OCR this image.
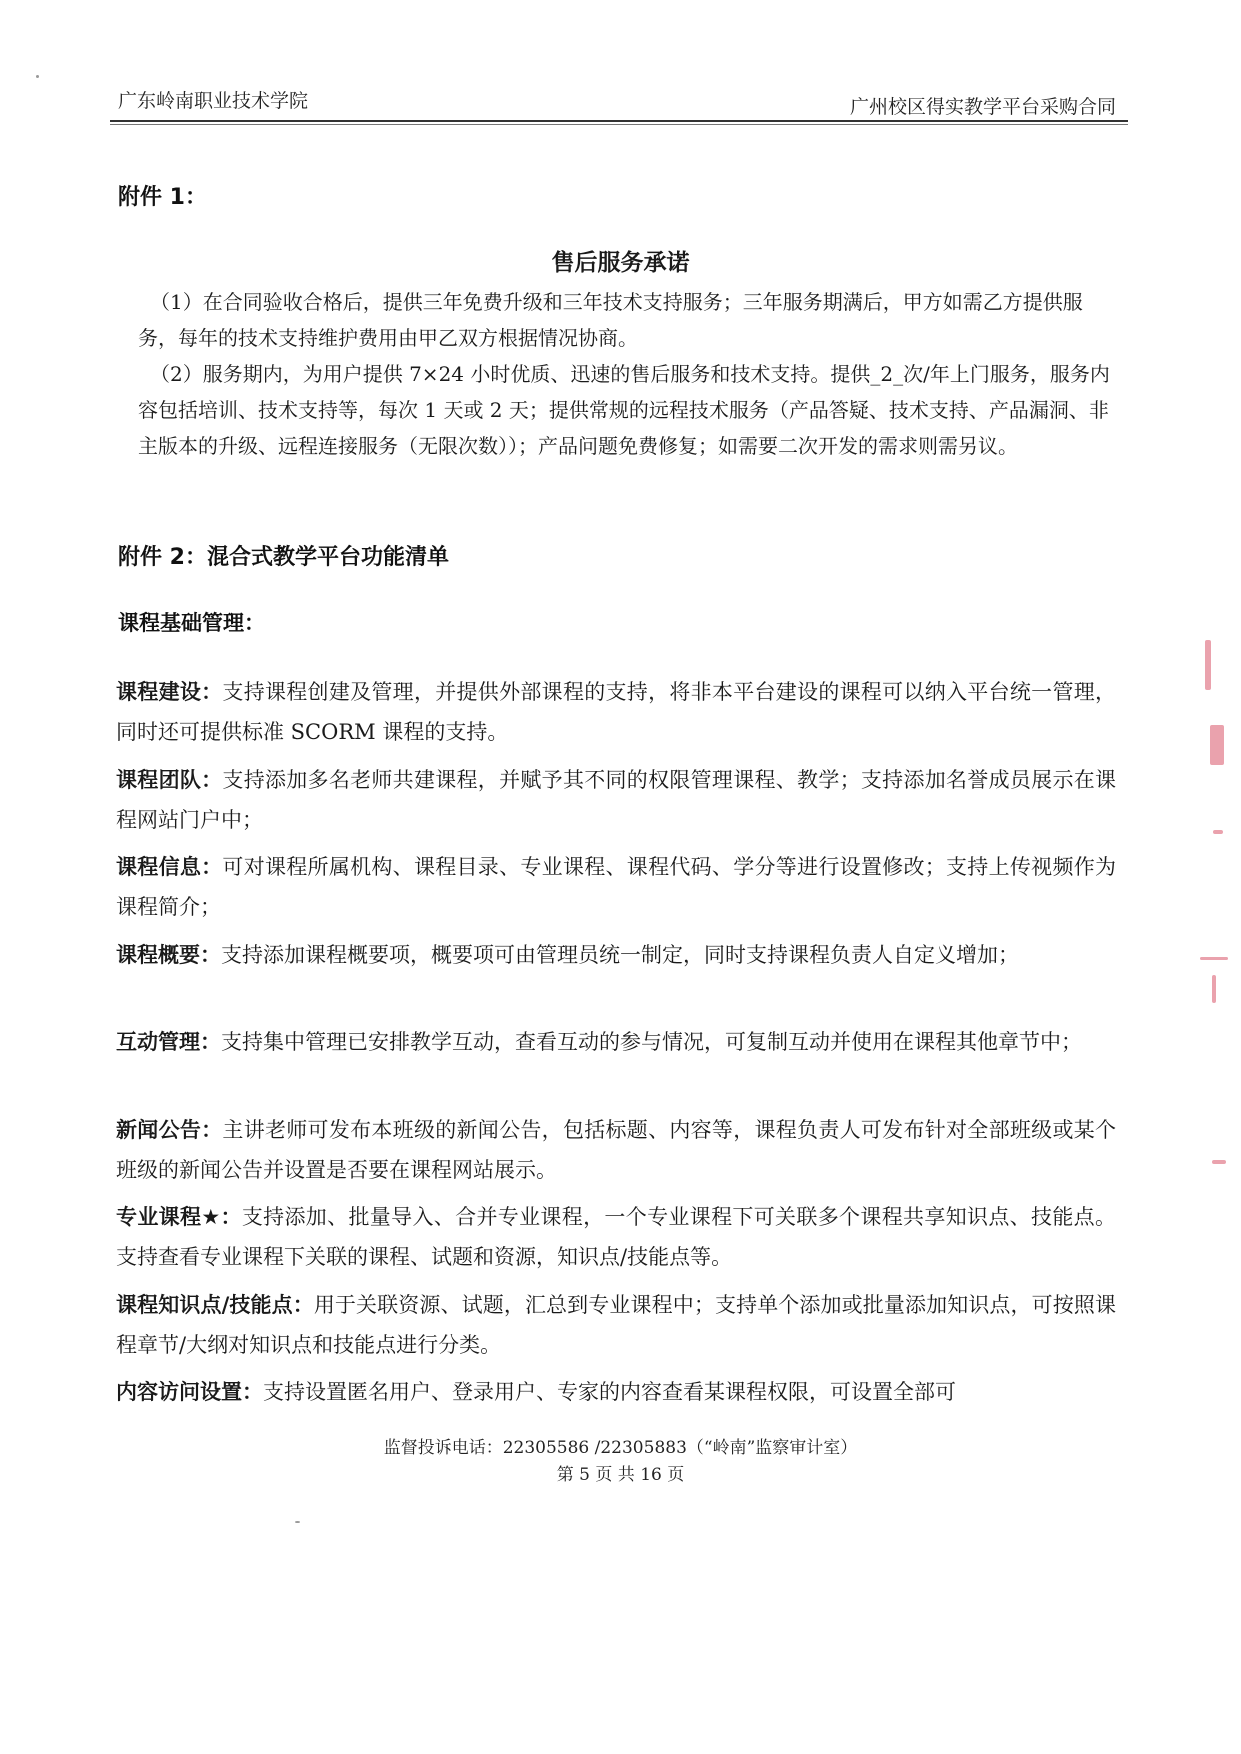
广东岭南职业技术学院	广州校区得实教学平台采购合同
附件 1：
售后服务承诺
（1）在合同验收合格后，提供三年免费升级和三年技术支持服务；三年服务期满后，甲方如需乙方提供服务，每年的技术支持维护费用由甲乙双方根据情况协商。
（2）服务期内，为用户提供 7×24 小时优质、迅速的售后服务和技术支持。提供_2_次/年上门服务，服务内容包括培训、技术支持等，每次 1 天或 2 天；提供常规的远程技术服务（产品答疑、技术支持、产品漏洞、非主版本的升级、远程连接服务（无限次数））；产品问题免费修复；如需要二次开发的需求则需另议。
附件 2：混合式教学平台功能清单
课程基础管理：
课程建设：支持课程创建及管理，并提供外部课程的支持，将非本平台建设的课程可以纳入平台统一管理，同时还可提供标准 SCORM 课程的支持。
课程团队：支持添加多名老师共建课程，并赋予其不同的权限管理课程、教学；支持添加名誉成员展示在课程网站门户中；
课程信息：可对课程所属机构、课程目录、专业课程、课程代码、学分等进行设置修改；支持上传视频作为课程简介；
课程概要：支持添加课程概要项，概要项可由管理员统一制定，同时支持课程负责人自定义增加；
互动管理：支持集中管理已安排教学互动，查看互动的参与情况，可复制互动并使用在课程其他章节中；
新闻公告：主讲老师可发布本班级的新闻公告，包括标题、内容等，课程负责人可发布针对全部班级或某个班级的新闻公告并设置是否要在课程网站展示。
专业课程★：支持添加、批量导入、合并专业课程，一个专业课程下可关联多个课程共享知识点、技能点。支持查看专业课程下关联的课程、试题和资源，知识点/技能点等。
课程知识点/技能点：用于关联资源、试题，汇总到专业课程中；支持单个添加或批量添加知识点，可按照课程章节/大纲对知识点和技能点进行分类。
内容访问设置：支持设置匿名用户、登录用户、专家的内容查看某课程权限，可设置全部可
监督投诉电话：22305586 /22305883（“岭南”监察审计室）
第 5 页 共 16 页
